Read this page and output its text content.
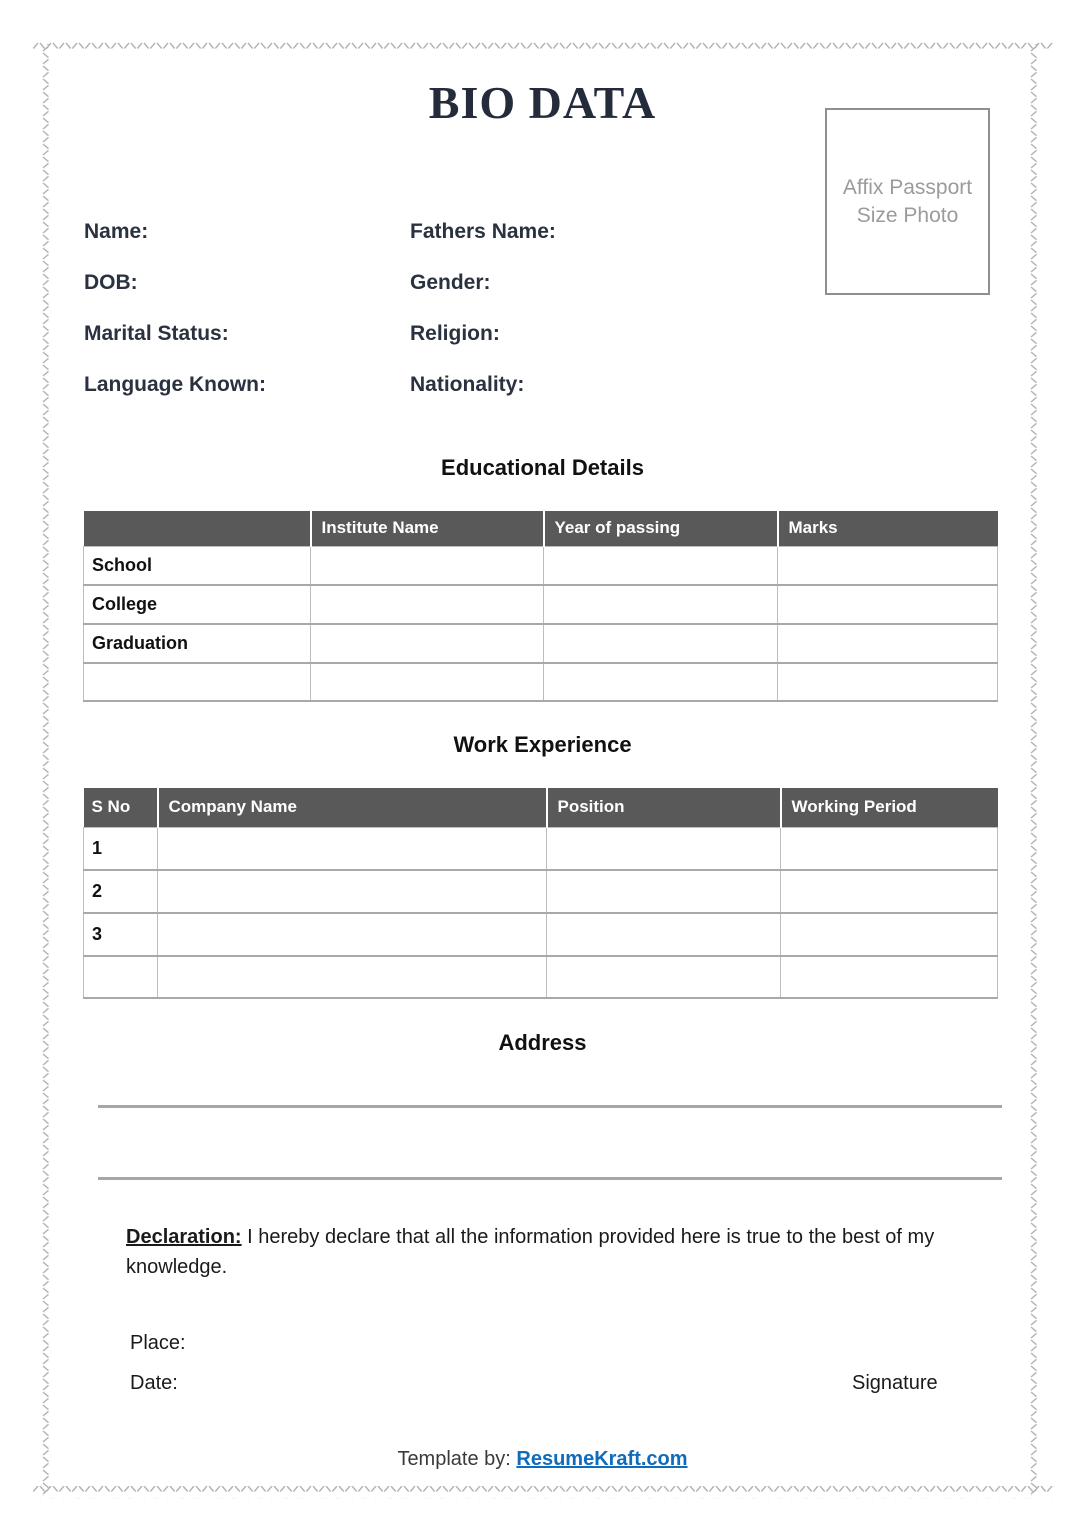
BIO DATA
Affix Passport
Size Photo
Name:	Fathers Name:
DOB:	Gender:
Marital Status:	Religion:
Language Known:	Nationality:
Educational Details
	Institute Name	Year of passing	Marks
School			
College			
Graduation			

Work Experience
S No	Company Name	Position	Working Period
1			
2			
3			

Address

Declaration: I hereby declare that all the information provided here is true to the best of my knowledge.

Place:
Date:	Signature
Template by: ResumeKraft.com
